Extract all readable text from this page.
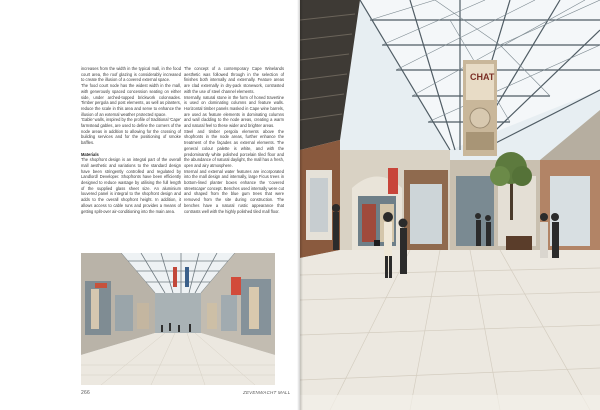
increases from the width in the typical mall, in the food court area, the roof glazing is considerably increased to create the illusion of a covered external space.

The food court node has the widest width in the mall, with generously spaced concession seating on either side, under arched-topped brickwork colonnades. Timber pergola and post elements, as well as planters, reduce the scale in this area and serve to enhance the illusion of an external weather protected space.

'Gable' walls, inspired by the profile of traditional 'Cape' farmstead gables, are used to define the corners of the node areas in addition to allowing for the crossing of building services and for the positioning of smoke baffles.

Materials

The shopfront design is an integral part of the overall mall aesthetic and variations to the standard design have been stringently controlled and regulated by Landlord/ Developer. Shopfronts have been efficiently designed to reduce wastage by utilising the full length of the supplied glass sheet size. An aluminium louvered panel is integral to the shopfront design and adds to the overall shopfront height. In addition, it allows access to cable runs and provides a means of getting split-over air-conditioning into the main area.

The concept of a contemporary Cape Winelands aesthetic was followed through in the selection of finishes both internally and externally. Feature areas are clad externally in dry-pack stonework, contrasted with the use of steel channel elements.

Internally, natural stone in the form of honed travertine is used on dominating columns and feature walls. Horizontal timber panels masked in Cape wine barrels, are used as feature elements in dominating columns and wall cladding to the node areas, creating a warm and natural feel to these wider and brighter areas.

Steel and timber pergola elements above the shopfronts in the node areas, further enhance the treatment of the façades as external elements. The general colour palette is white, and with the predominantly white polished porcelain tiled floor and the abundance of natural daylight, the mall has a fresh, open and airy atmosphere.

Internal and external water features are incorporated into the mall design and internally, large Ficus trees in bottom-lined planter boxes enhance the 'covered streetscape' concept. Benches used internally were cut and shaped from the blue gum trees that were removed from the site during construction. The benches have a natural rustic appearance that contrasts well with the highly polished tiled mall floor.

266	ZEVENWACHT MALL
CHAT
